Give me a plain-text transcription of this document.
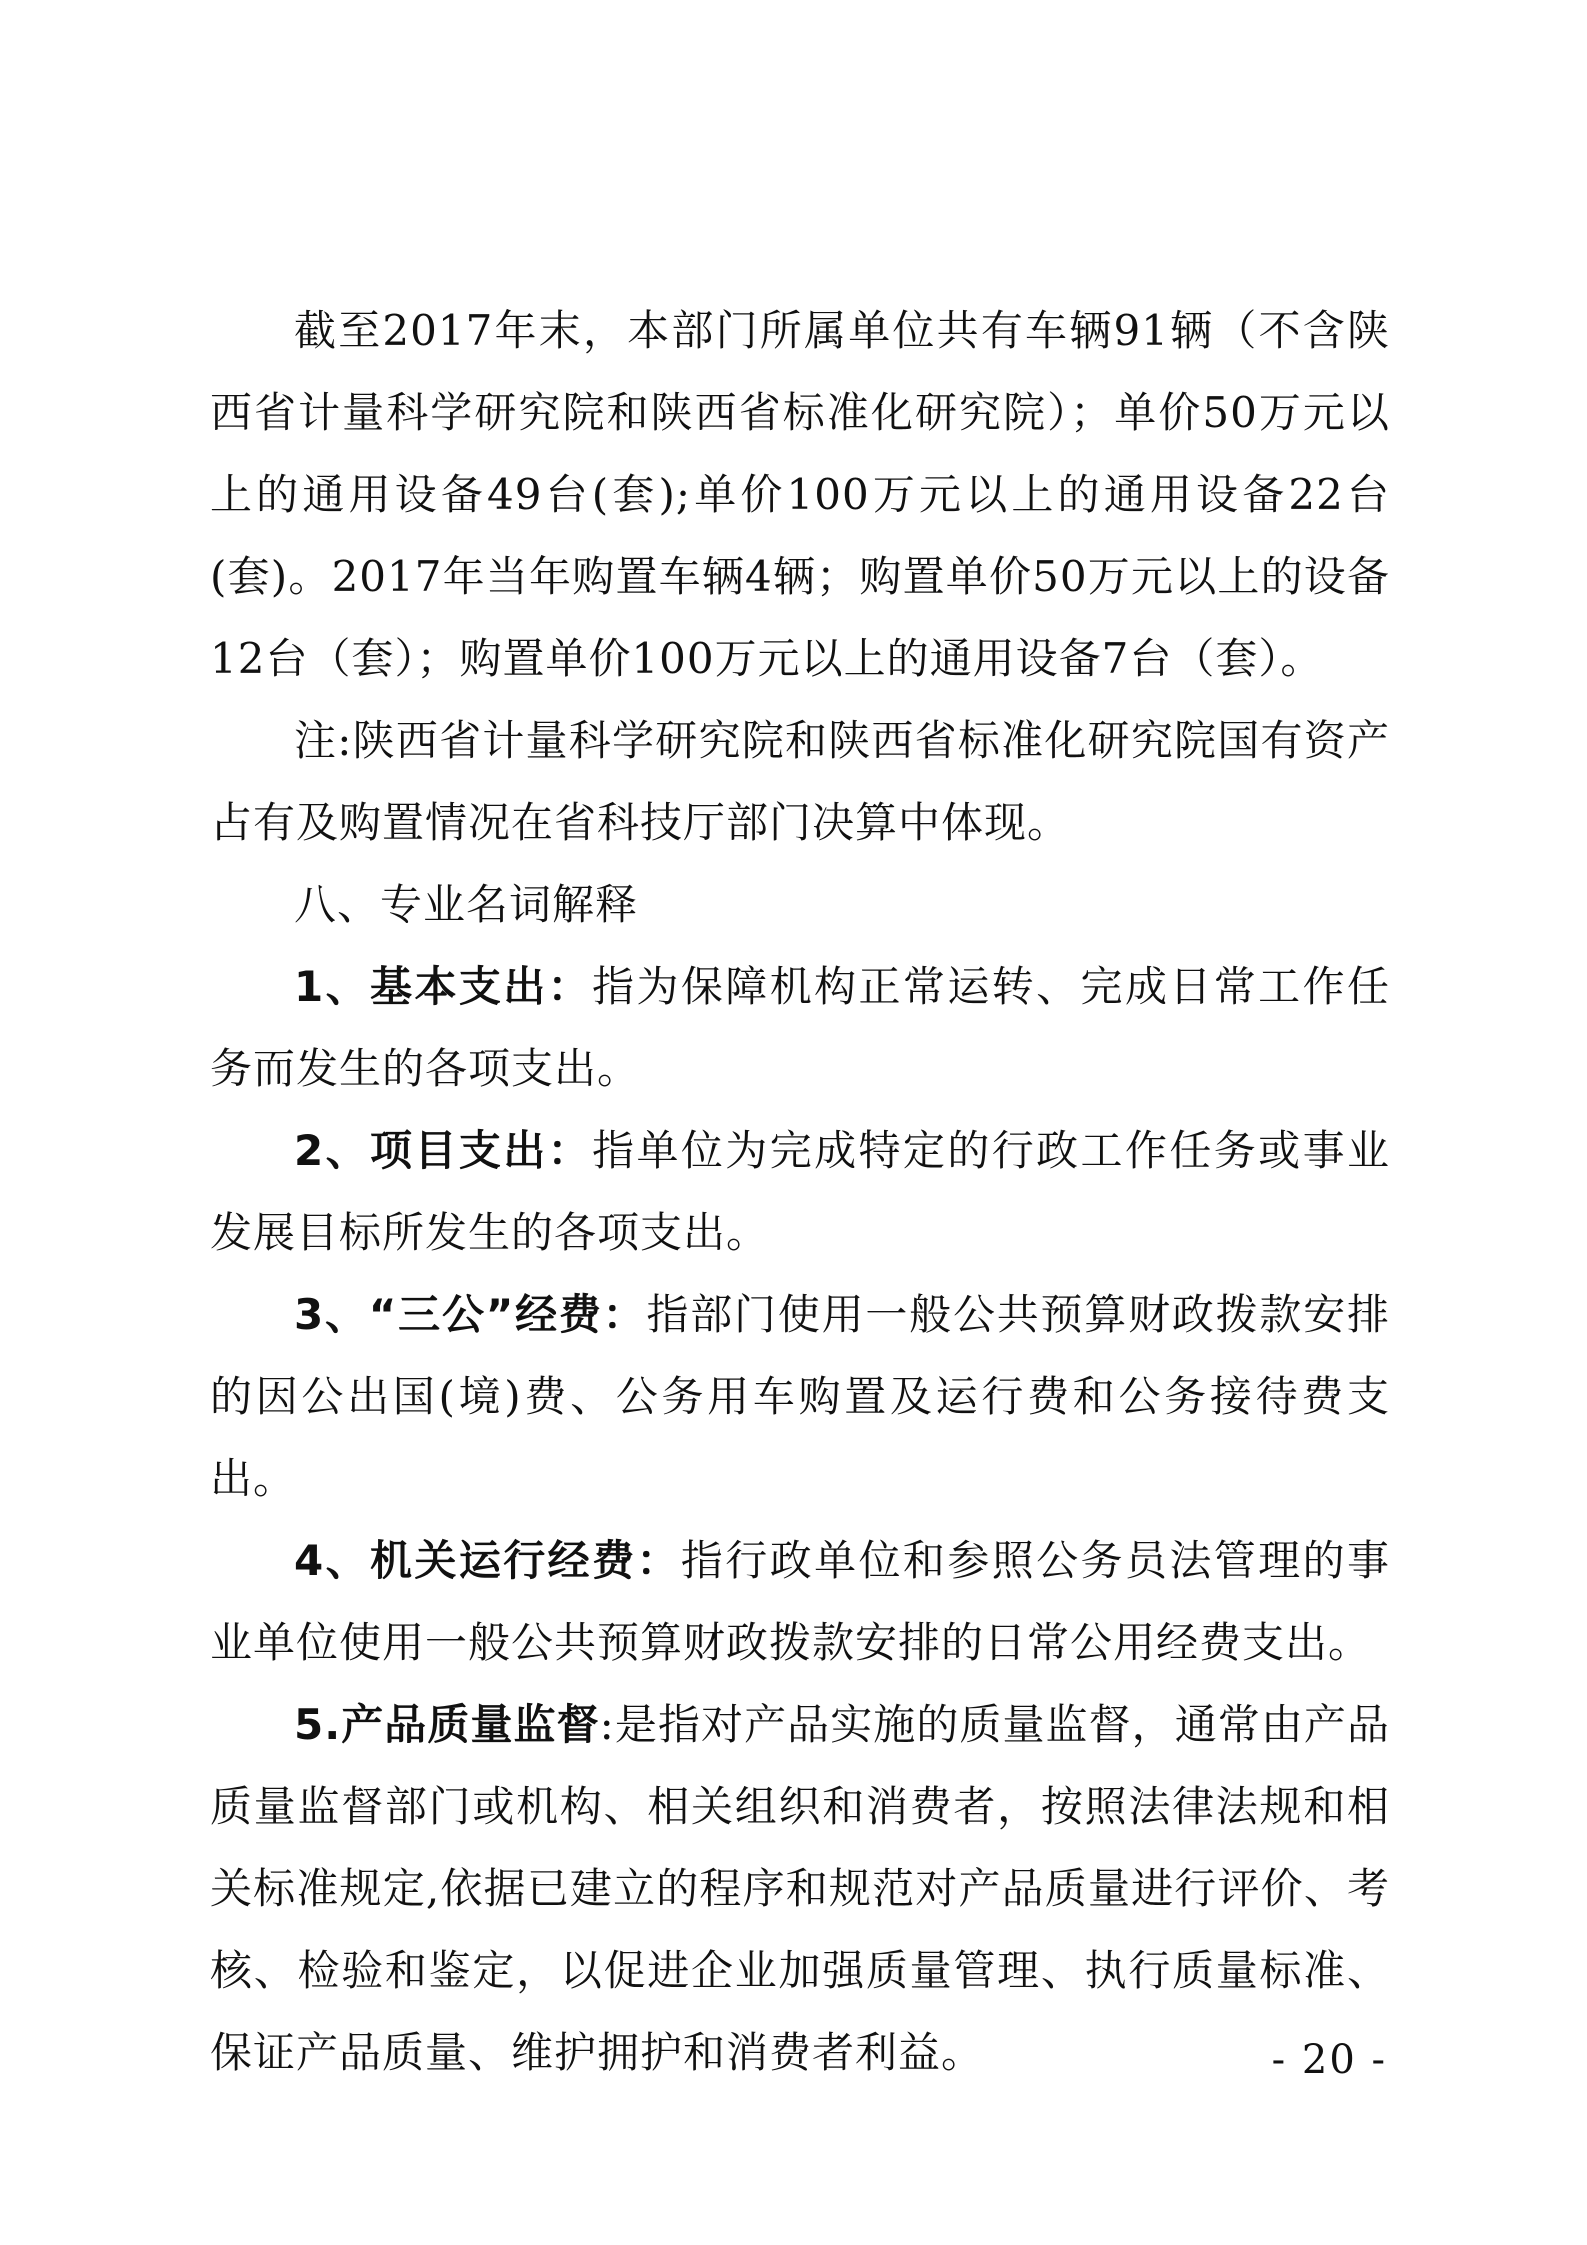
截至2017年末，本部门所属单位共有车辆91辆（不含陕西省计量科学研究院和陕西省标准化研究院）；单价50万元以上的通用设备49台(套);单价100万元以上的通用设备22台(套)。2017年当年购置车辆4辆；购置单价50万元以上的设备12台（套）；购置单价100万元以上的通用设备7台（套）。

注:陕西省计量科学研究院和陕西省标准化研究院国有资产占有及购置情况在省科技厅部门决算中体现。

八、专业名词解释

1、基本支出：指为保障机构正常运转、完成日常工作任务而发生的各项支出。

2、项目支出：指单位为完成特定的行政工作任务或事业发展目标所发生的各项支出。

3、“三公”经费：指部门使用一般公共预算财政拨款安排的因公出国(境)费、公务用车购置及运行费和公务接待费支出。

4、机关运行经费：指行政单位和参照公务员法管理的事业单位使用一般公共预算财政拨款安排的日常公用经费支出。

5.产品质量监督:是指对产品实施的质量监督，通常由产品质量监督部门或机构、相关组织和消费者，按照法律法规和相关标准规定,依据已建立的程序和规范对产品质量进行评价、考核、检验和鉴定，以促进企业加强质量管理、执行质量标准、保证产品质量、维护拥护和消费者利益。	- 20 -
